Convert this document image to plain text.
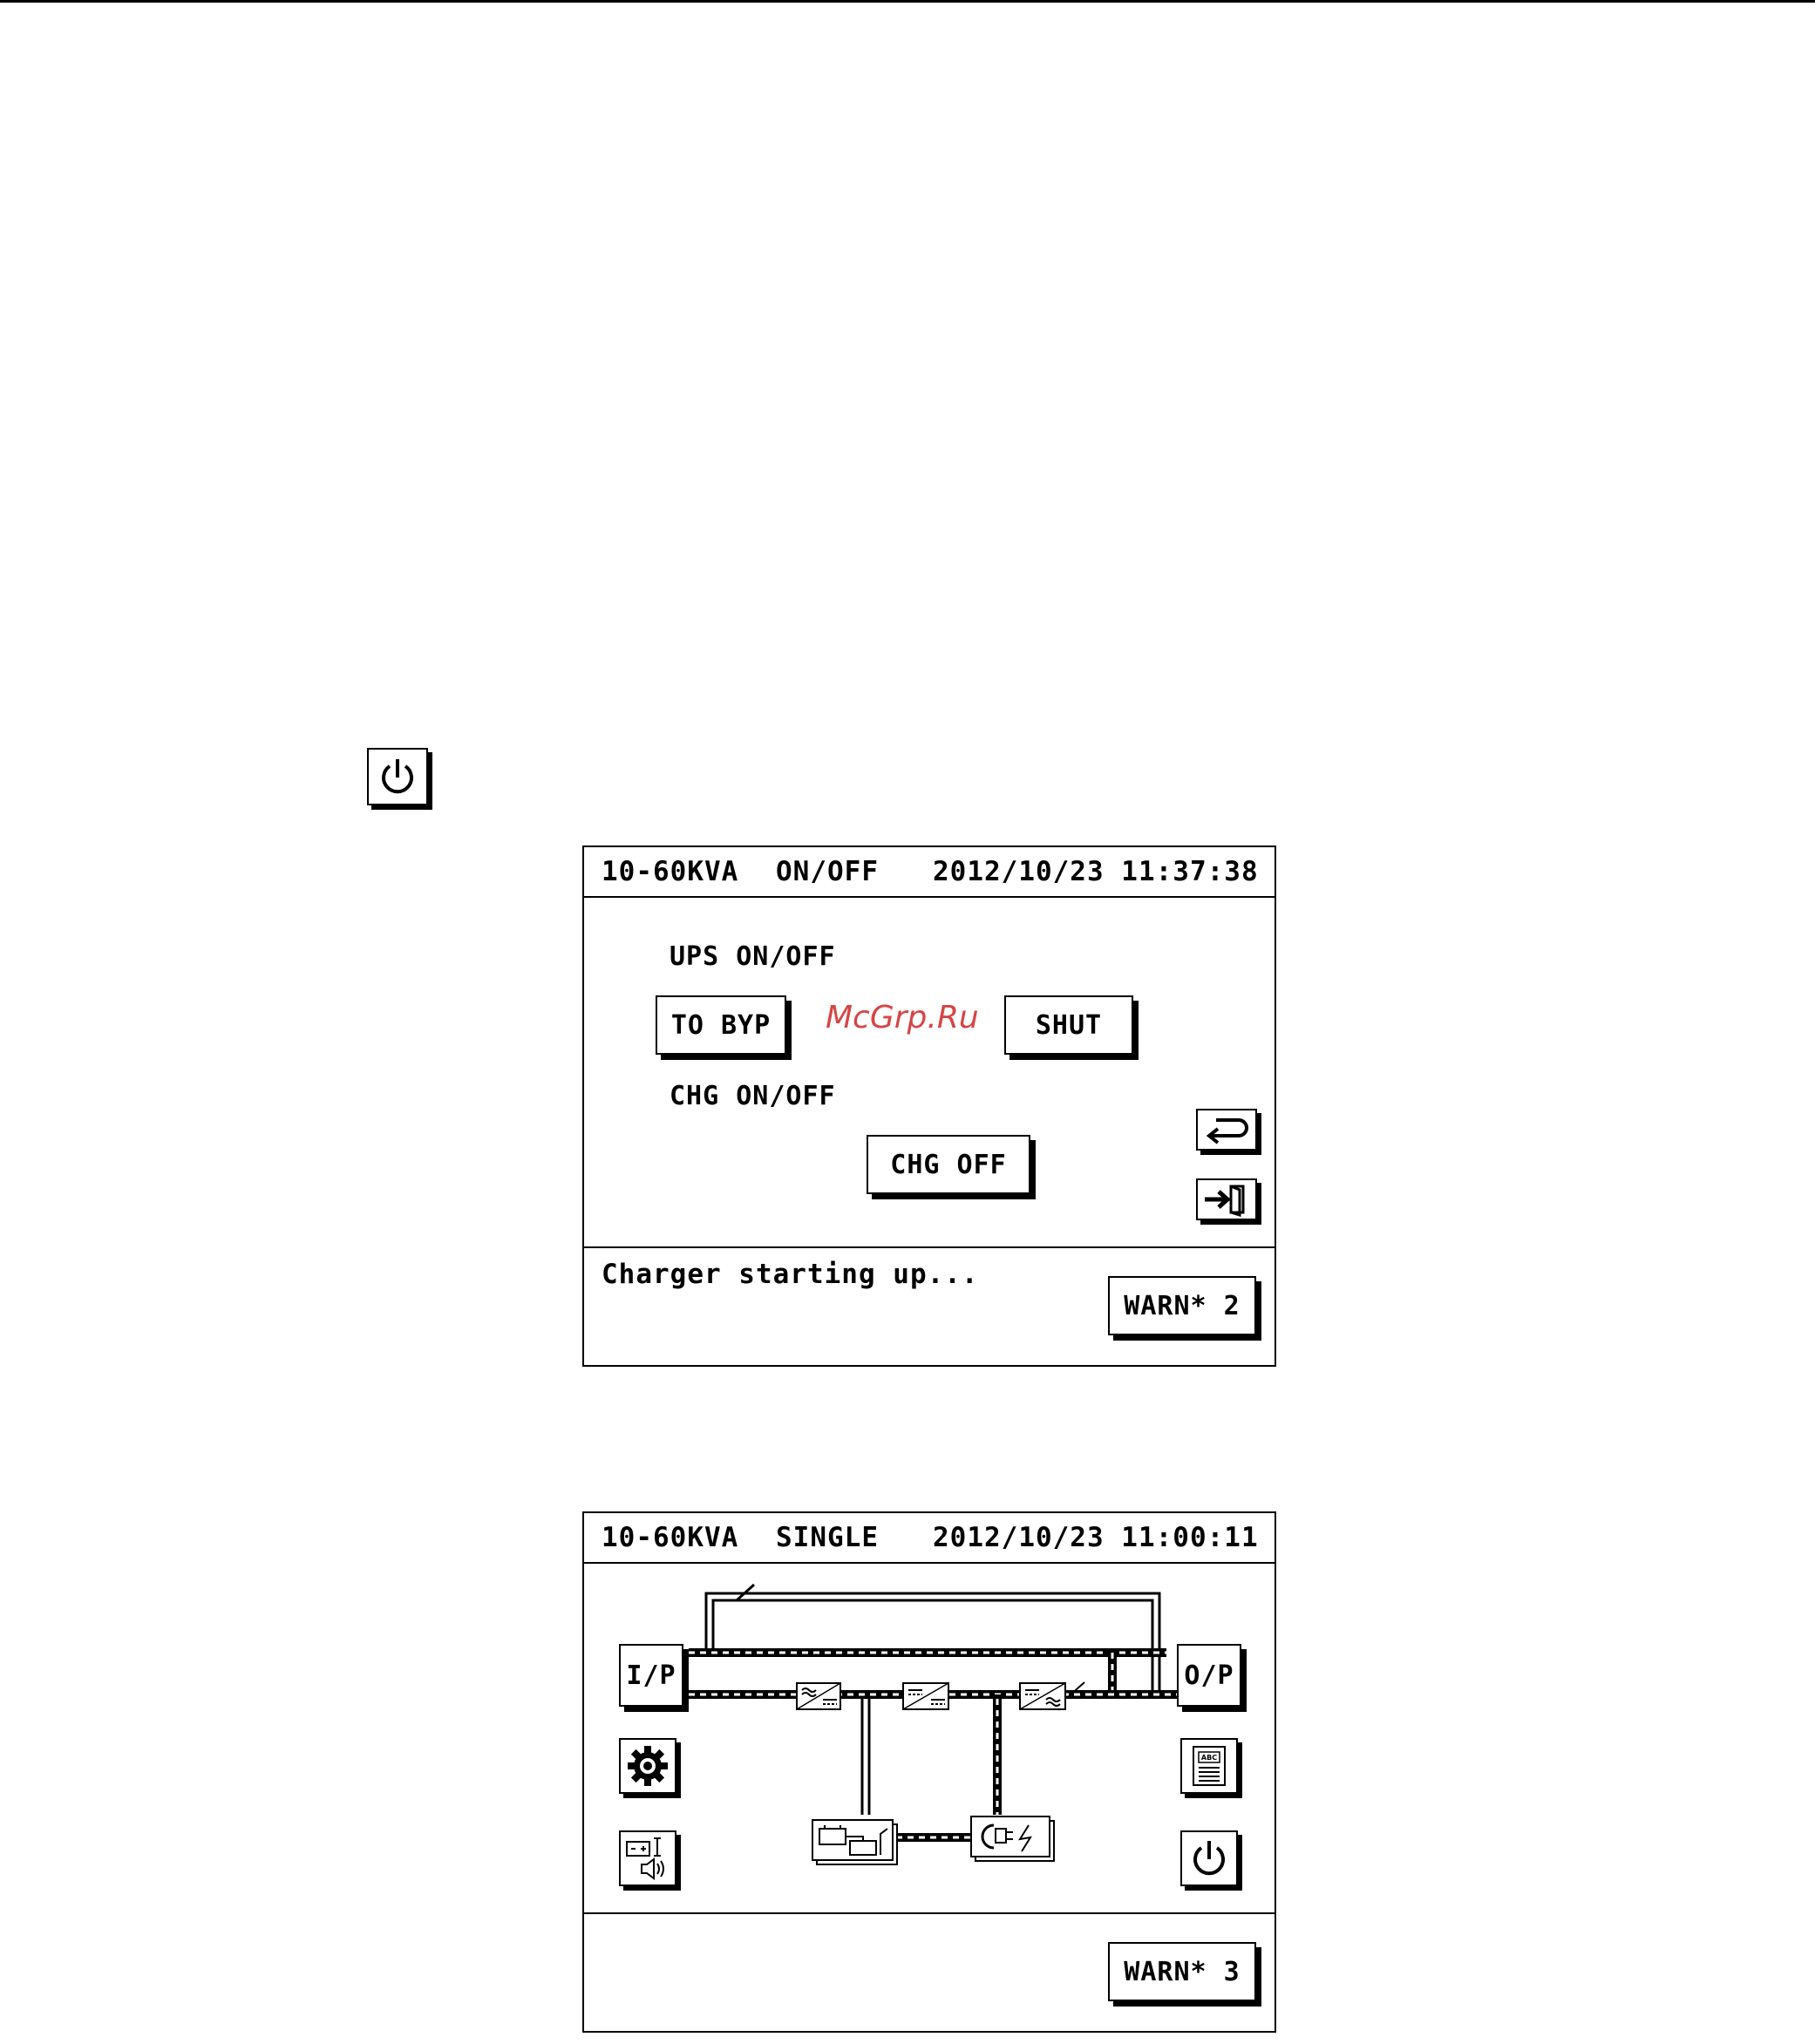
10-60KVA	ON/OFF	2012/10/23 11:37:38
UPS ON/OFF
TO BYP	SHUT
CHG ON/OFF
CHG OFF
Charger starting up...
WARN* 2
McGrp.Ru
10-60KVA	SINGLE	2012/10/23 11:00:11
I/P	O/P
ABC
WARN* 3
